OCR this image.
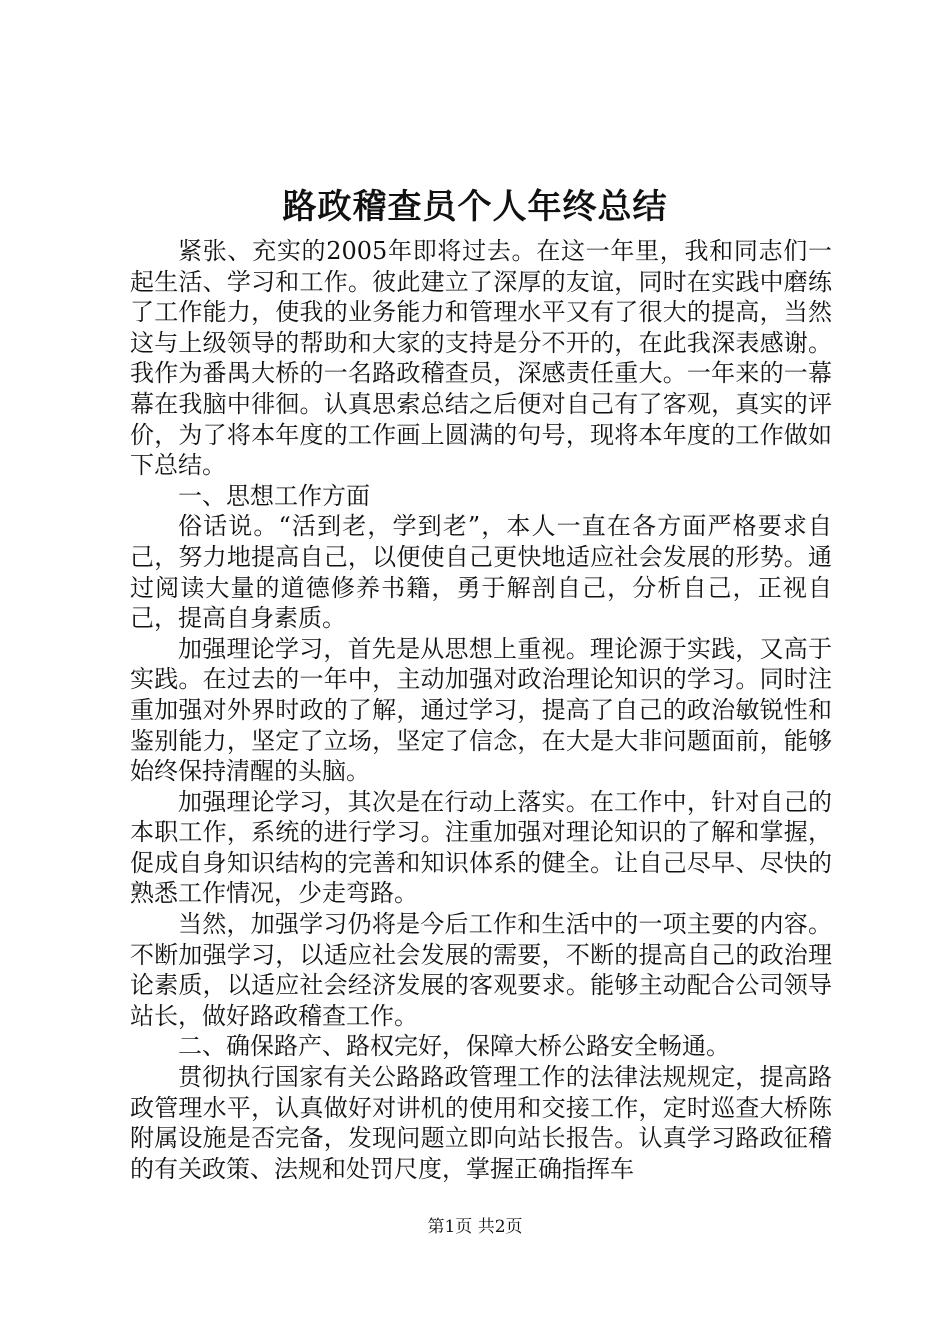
路政稽查员个人年终总结

紧张、充实的2005年即将过去。在这一年里，我和同志们一起生活、学习和工作。彼此建立了深厚的友谊，同时在实践中磨练了工作能力，使我的业务能力和管理水平又有了很大的提高，当然这与上级领导的帮助和大家的支持是分不开的，在此我深表感谢。我作为番禺大桥的一名路政稽查员，深感责任重大。一年来的一幕幕在我脑中徘徊。认真思索总结之后便对自己有了客观，真实的评价，为了将本年度的工作画上圆满的句号，现将本年度的工作做如下总结。

一、思想工作方面

俗话说。“活到老，学到老”，本人一直在各方面严格要求自己，努力地提高自己，以便使自己更快地适应社会发展的形势。通过阅读大量的道德修养书籍，勇于解剖自己，分析自己，正视自己，提高自身素质。

加强理论学习，首先是从思想上重视。理论源于实践，又高于实践。在过去的一年中，主动加强对政治理论知识的学习。同时注重加强对外界时政的了解，通过学习，提高了自己的政治敏锐性和鉴别能力，坚定了立场，坚定了信念，在大是大非问题面前，能够始终保持清醒的头脑。

加强理论学习，其次是在行动上落实。在工作中，针对自己的本职工作，系统的进行学习。注重加强对理论知识的了解和掌握，促成自身知识结构的完善和知识体系的健全。让自己尽早、尽快的熟悉工作情况，少走弯路。

当然，加强学习仍将是今后工作和生活中的一项主要的内容。不断加强学习，以适应社会发展的需要，不断的提高自己的政治理论素质，以适应社会经济发展的客观要求。能够主动配合公司领导站长，做好路政稽查工作。

二、确保路产、路权完好，保障大桥公路安全畅通。

贯彻执行国家有关公路路政管理工作的法律法规规定，提高路政管理水平，认真做好对讲机的使用和交接工作，定时巡查大桥陈附属设施是否完备，发现问题立即向站长报告。认真学习路政征稽的有关政策、法规和处罚尺度，掌握正确指挥车

第1页 共2页
